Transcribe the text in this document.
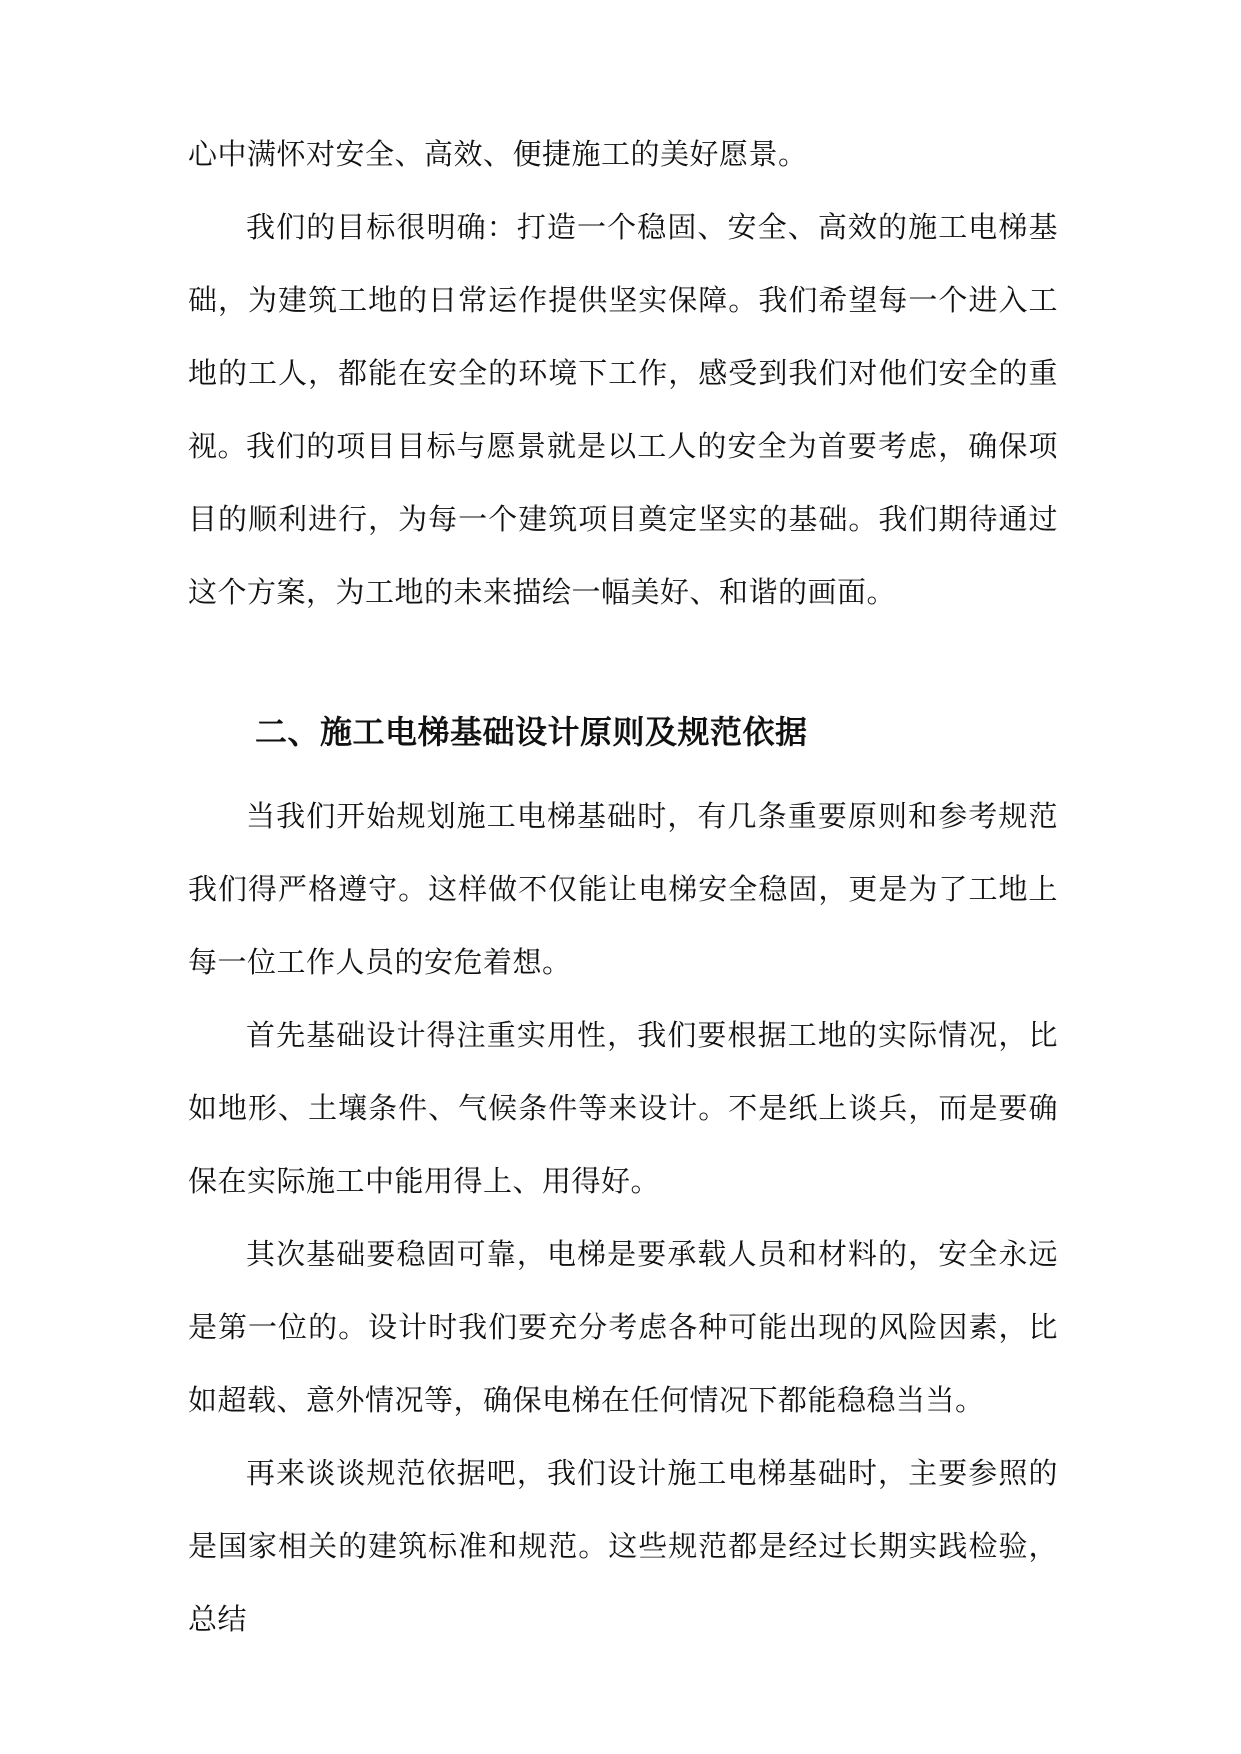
心中满怀对安全、高效、便捷施工的美好愿景。

我们的目标很明确：打造一个稳固、安全、高效的施工电梯基础，为建筑工地的日常运作提供坚实保障。我们希望每一个进入工地的工人，都能在安全的环境下工作，感受到我们对他们安全的重视。

我们的项目目标与愿景就是以工人的安全为首要考虑，确保项目的顺利进行，为每一个建筑项目奠定坚实的基础。我们期待通过这个方案，为工地的未来描绘一幅美好、和谐的画面。

二、施工电梯基础设计原则及规范依据

当我们开始规划施工电梯基础时，有几条重要原则和参考规范我们得严格遵守。这样做不仅能让电梯安全稳固，更是为了工地上每一位工作人员的安危着想。

首先基础设计得注重实用性，我们要根据工地的实际情况，比如地形、土壤条件、气候条件等来设计。不是纸上谈兵，而是要确保在实际施工中能用得上、用得好。

其次基础要稳固可靠，电梯是要承载人员和材料的，安全永远是第一位的。设计时我们要充分考虑各种可能出现的风险因素，比如超载、意外情况等，确保电梯在任何情况下都能稳稳当当。

再来谈谈规范依据吧，我们设计施工电梯基础时，主要参照的是国家相关的建筑标准和规范。这些规范都是经过长期实践检验，总结
